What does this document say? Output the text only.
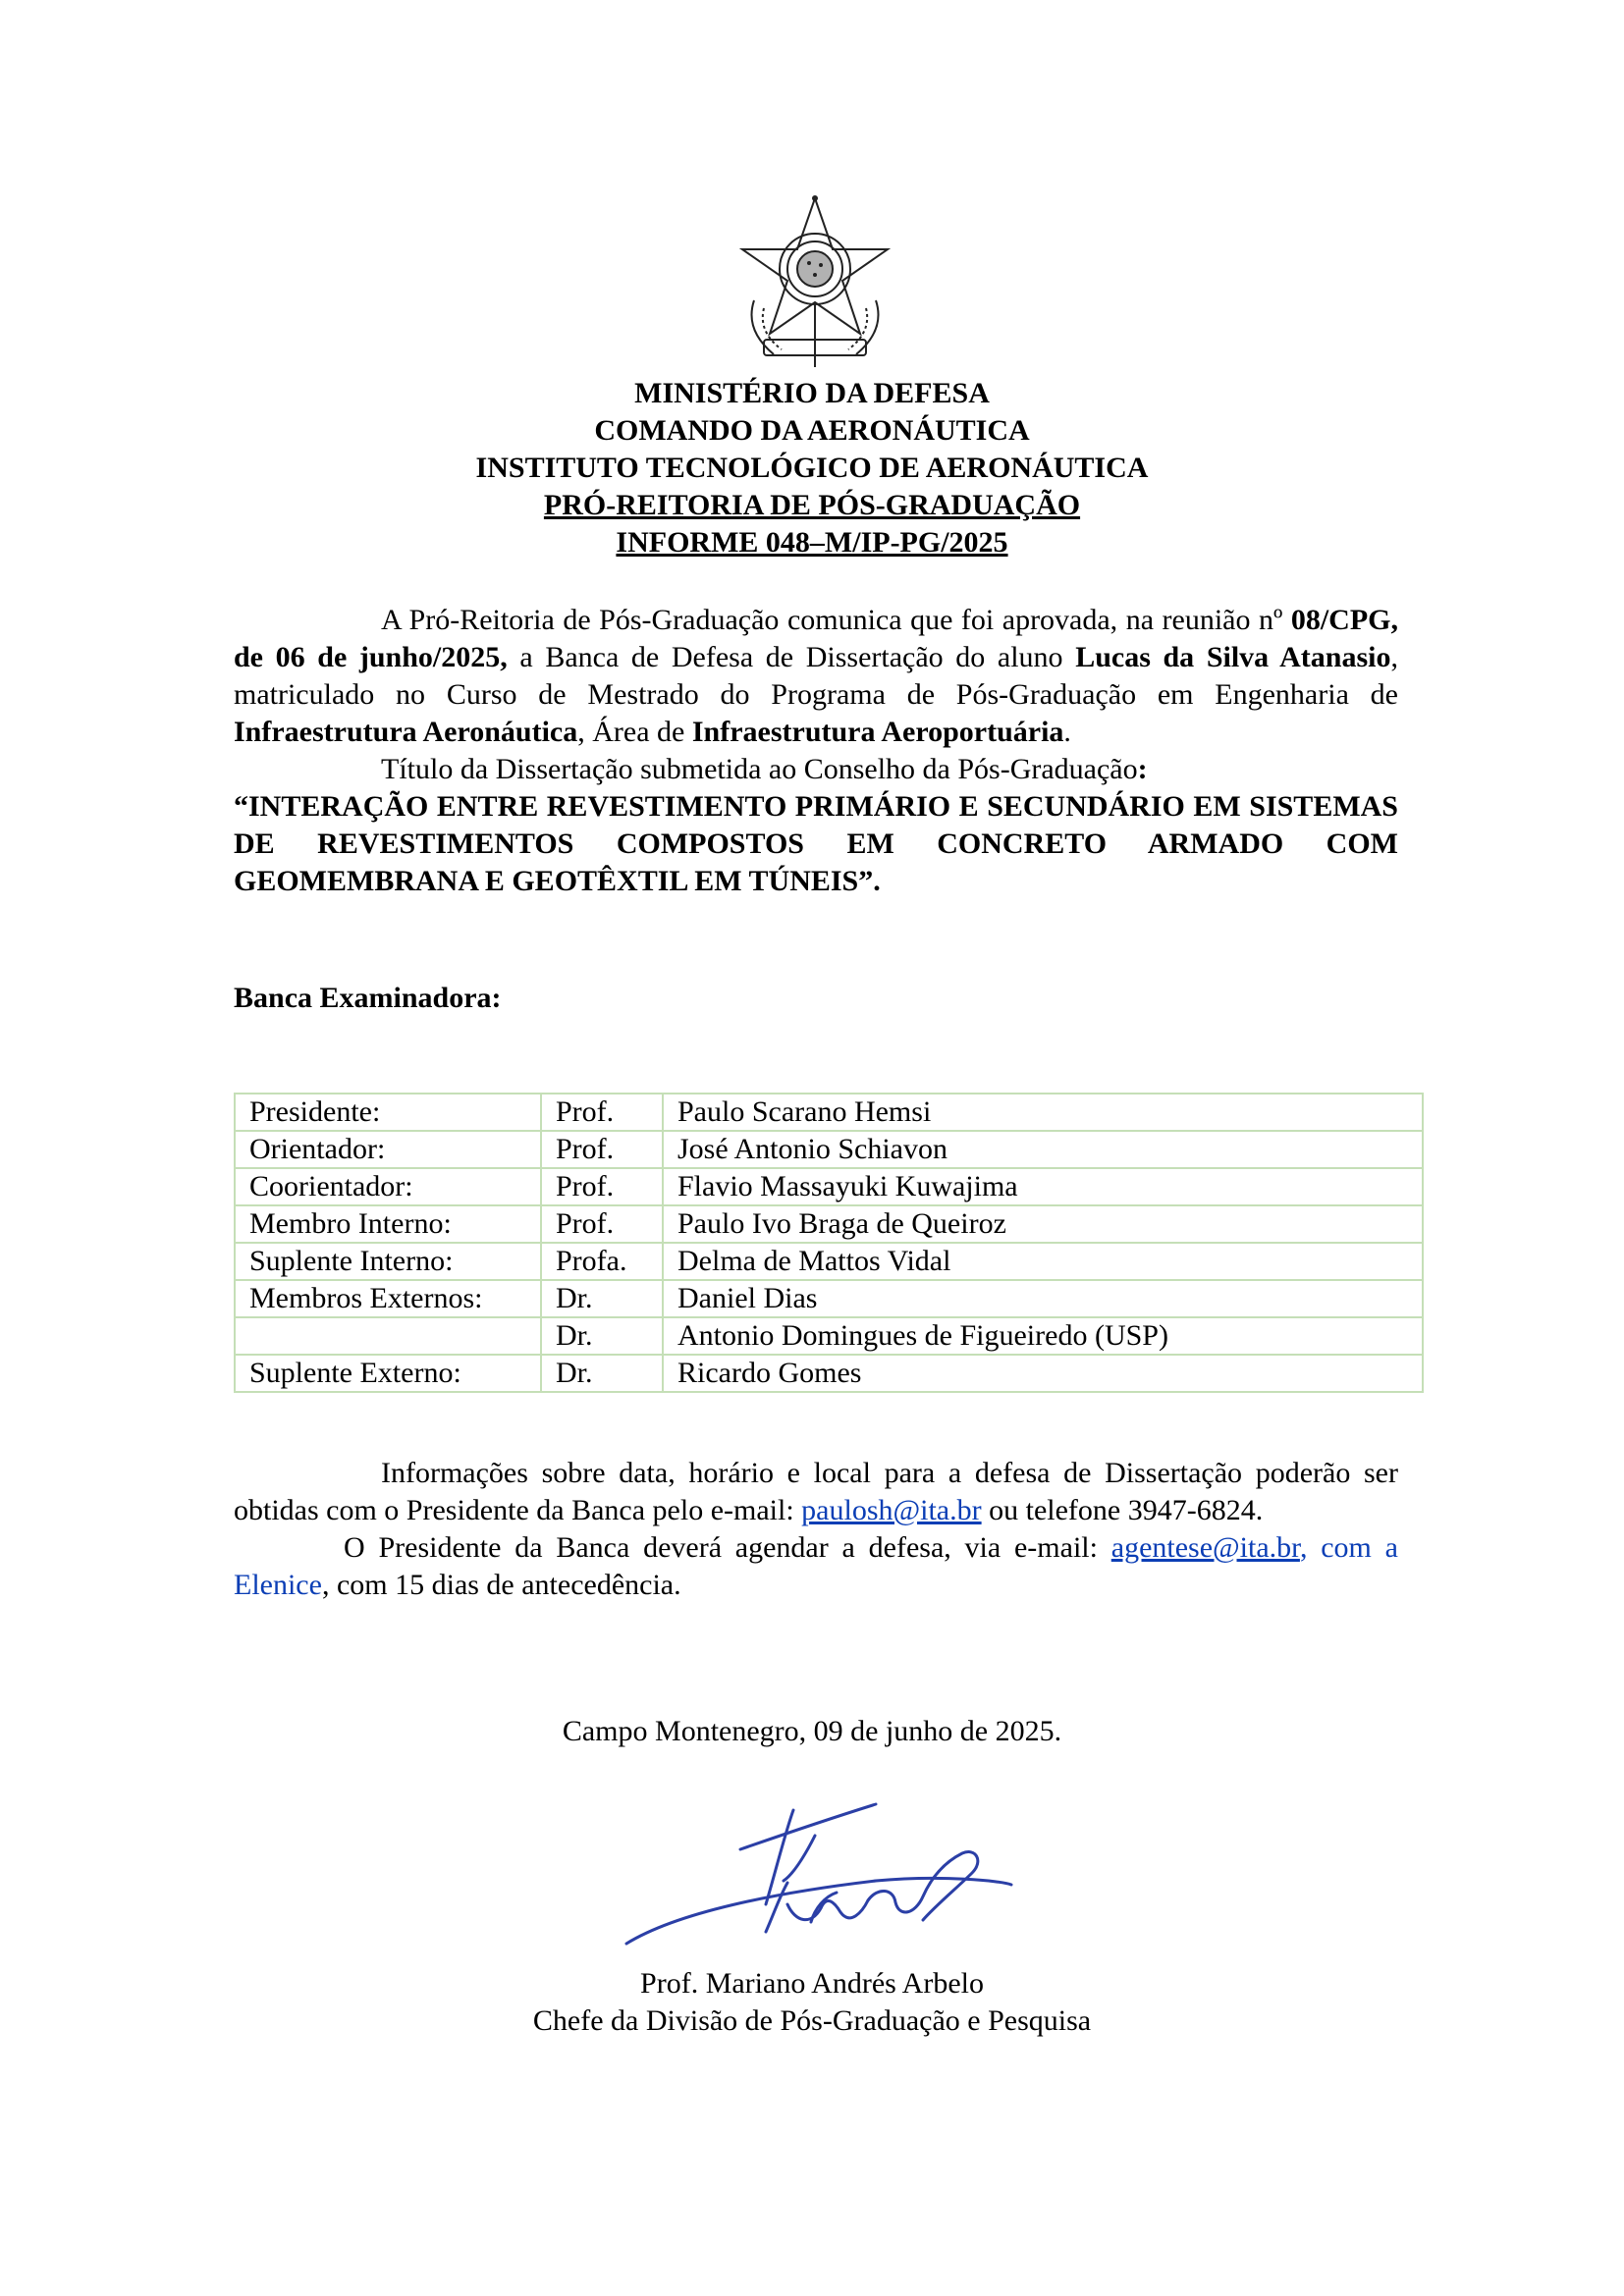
MINISTÉRIO DA DEFESA
COMANDO DA AERONÁUTICA
INSTITUTO TECNOLÓGICO DE AERONÁUTICA
PRÓ-REITORIA DE PÓS-GRADUAÇÃO
INFORME 048–M/IP-PG/2025
A Pró-Reitoria de Pós-Graduação comunica que foi aprovada, na reunião nº 08/CPG, de 06 de junho/2025, a Banca de Defesa de Dissertação do aluno Lucas da Silva Atanasio, matriculado no Curso de Mestrado do Programa de Pós-Graduação em Engenharia de Infraestrutura Aeronáutica, Área de Infraestrutura Aeroportuária.
Título da Dissertação submetida ao Conselho da Pós-Graduação:

“INTERAÇÃO ENTRE REVESTIMENTO PRIMÁRIO E SECUNDÁRIO EM SISTEMAS DE REVESTIMENTOS COMPOSTOS EM CONCRETO ARMADO COM GEOMEMBRANA E GEOTÊXTIL EM TÚNEIS”.

Banca Examinadora:
Presidente:	Prof.	Paulo Scarano Hemsi
Orientador:	Prof.	José Antonio Schiavon
Coorientador:	Prof.	Flavio Massayuki Kuwajima
Membro Interno:	Prof.	Paulo Ivo Braga de Queiroz
Suplente Interno:	Profa.	Delma de Mattos Vidal
Membros Externos:	Dr.	Daniel Dias
	Dr.	Antonio Domingues de Figueiredo (USP)
Suplente Externo:	Dr.	Ricardo Gomes
Informações sobre data, horário e local para a defesa de Dissertação poderão ser obtidas com o Presidente da Banca pelo e-mail: paulosh@ita.br ou telefone 3947-6824.
O Presidente da Banca deverá agendar a defesa, via e-mail: agentese@ita.br, com a Elenice, com 15 dias de antecedência.
Campo Montenegro, 09 de junho de 2025.
Prof. Mariano Andrés Arbelo
Chefe da Divisão de Pós-Graduação e Pesquisa
